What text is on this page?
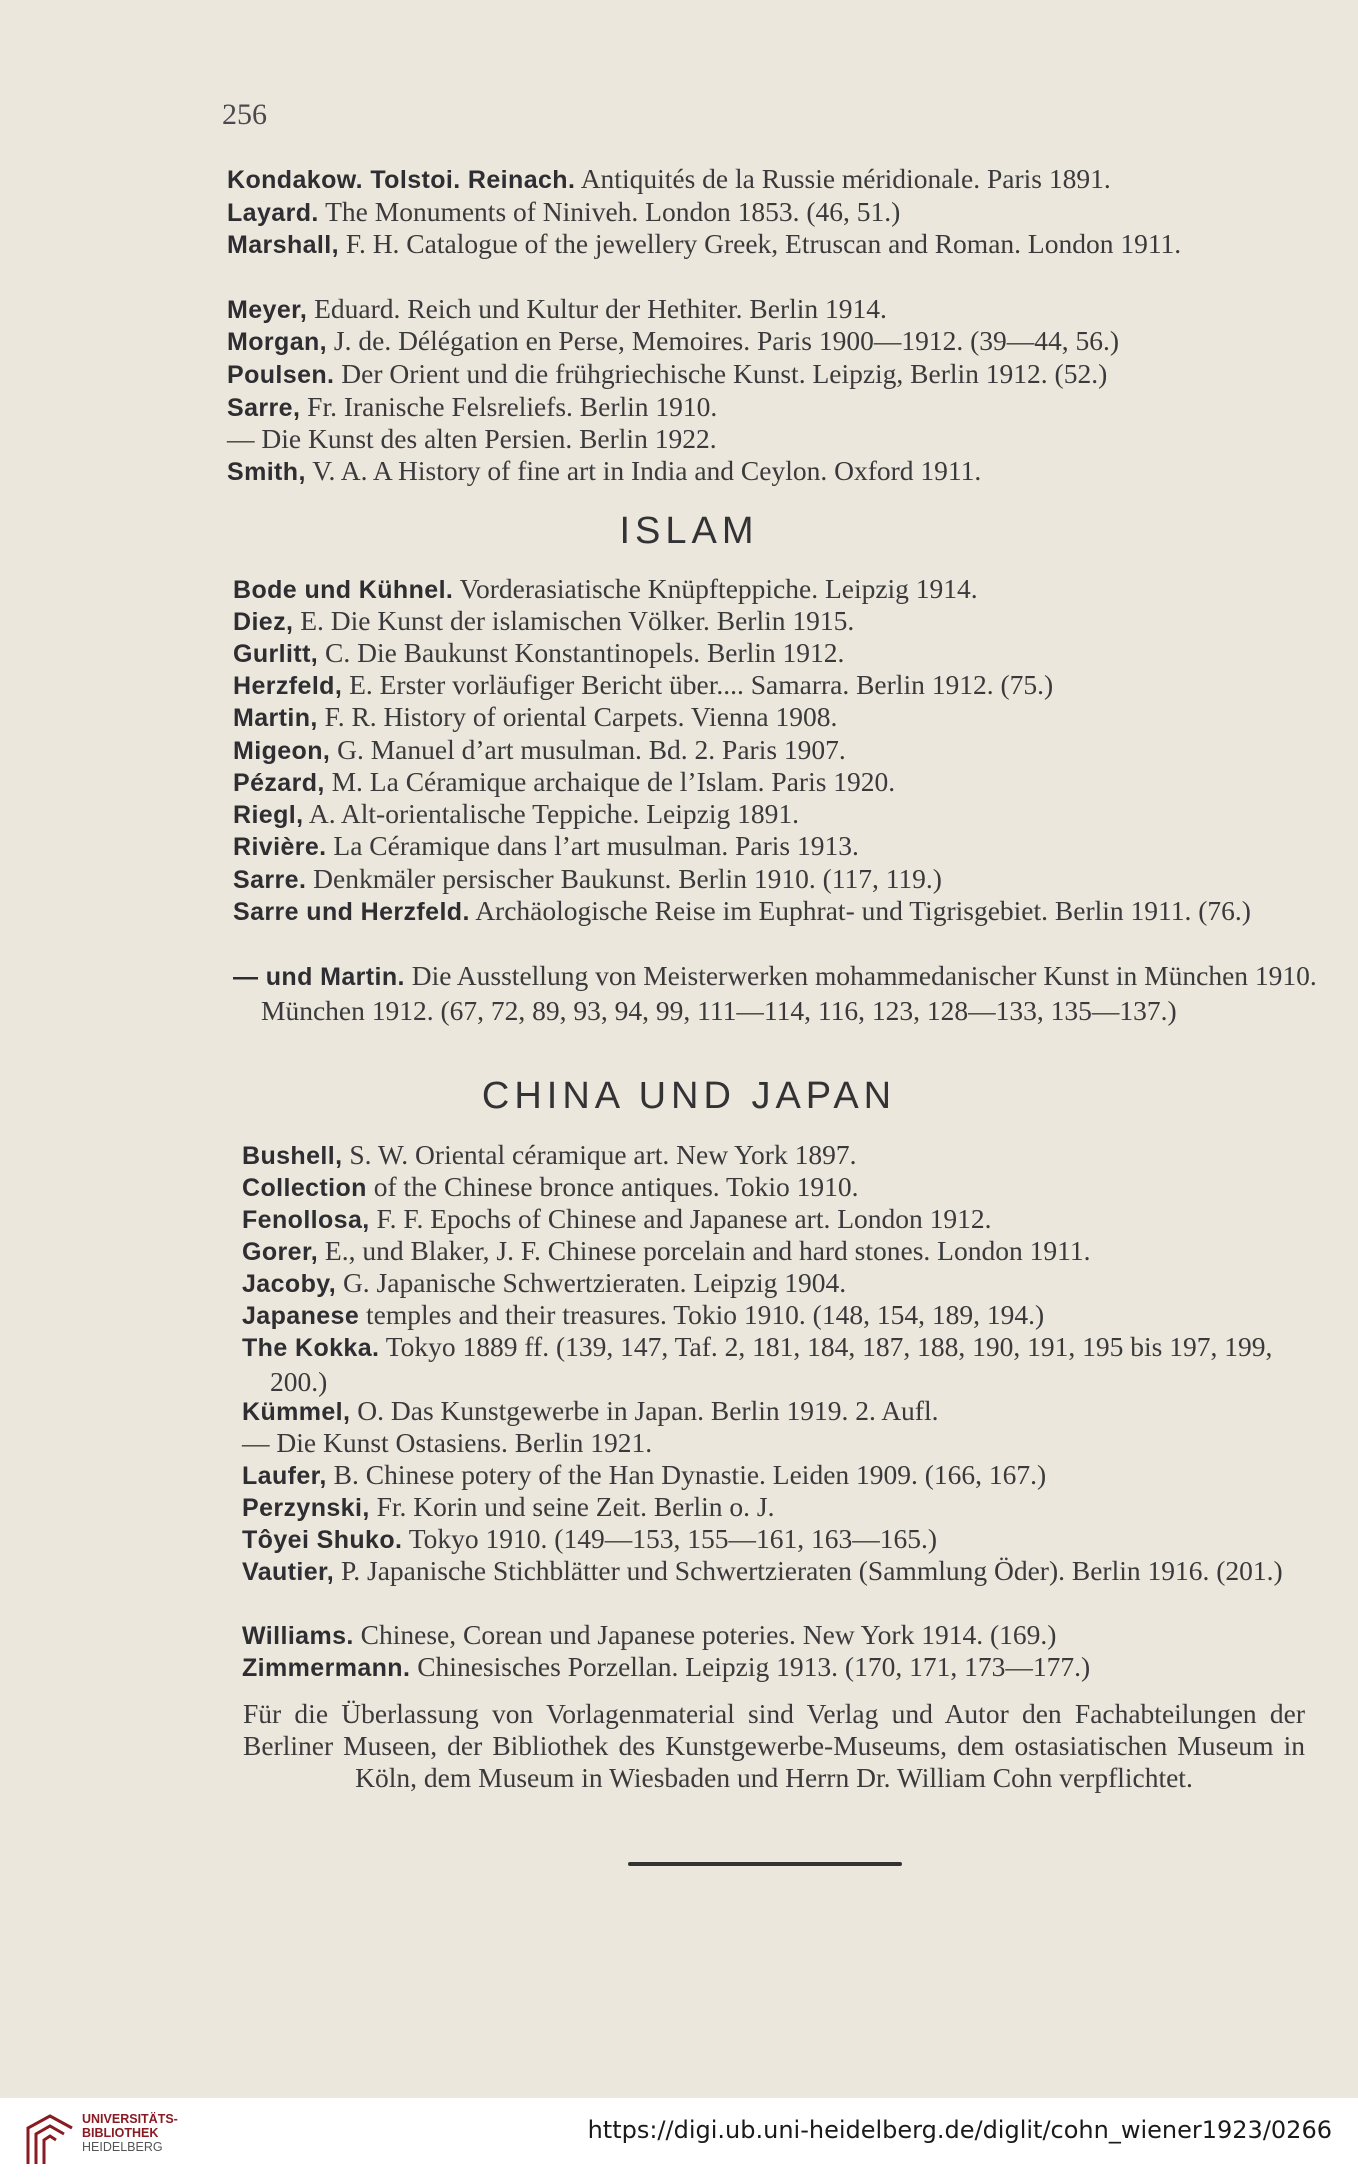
256
Kondakow. Tolstoi. Reinach. Antiquités de la Russie méridionale. Paris 1891.
Layard. The Monuments of Niniveh. London 1853. (46, 51.)
Marshall, F. H. Catalogue of the jewellery Greek, Etruscan and Roman. London 1911.
Meyer, Eduard. Reich und Kultur der Hethiter. Berlin 1914.
Morgan, J. de. Délégation en Perse, Memoires. Paris 1900—1912. (39—44, 56.)
Poulsen. Der Orient und die frühgriechische Kunst. Leipzig, Berlin 1912. (52.)
Sarre, Fr. Iranische Felsreliefs. Berlin 1910.
— Die Kunst des alten Persien. Berlin 1922.
Smith, V. A. A History of fine art in India and Ceylon. Oxford 1911.
ISLAM
Bode und Kühnel. Vorderasiatische Knüpfteppiche. Leipzig 1914.
Diez, E. Die Kunst der islamischen Völker. Berlin 1915.
Gurlitt, C. Die Baukunst Konstantinopels. Berlin 1912.
Herzfeld, E. Erster vorläufiger Bericht über.... Samarra. Berlin 1912. (75.)
Martin, F. R. History of oriental Carpets. Vienna 1908.
Migeon, G. Manuel d’art musulman. Bd. 2. Paris 1907.
Pézard, M. La Céramique archaique de l’Islam. Paris 1920.
Riegl, A. Alt-orientalische Teppiche. Leipzig 1891.
Rivière. La Céramique dans l’art musulman. Paris 1913.
Sarre. Denkmäler persischer Baukunst. Berlin 1910. (117, 119.)
Sarre und Herzfeld. Archäologische Reise im Euphrat- und Tigrisgebiet. Berlin 1911. (76.)
— und Martin. Die Ausstellung von Meisterwerken mohammedanischer Kunst in München 1910. München 1912. (67, 72, 89, 93, 94, 99, 111—114, 116, 123, 128—133, 135—137.)
CHINA UND JAPAN
Bushell, S. W. Oriental céramique art. New York 1897.
Collection of the Chinese bronce antiques. Tokio 1910.
Fenollosa, F. F. Epochs of Chinese and Japanese art. London 1912.
Gorer, E., und Blaker, J. F. Chinese porcelain and hard stones. London 1911.
Jacoby, G. Japanische Schwertzieraten. Leipzig 1904.
Japanese temples and their treasures. Tokio 1910. (148, 154, 189, 194.)
The Kokka. Tokyo 1889 ff. (139, 147, Taf. 2, 181, 184, 187, 188, 190, 191, 195 bis 197, 199, 200.)
Kümmel, O. Das Kunstgewerbe in Japan. Berlin 1919. 2. Aufl.
— Die Kunst Ostasiens. Berlin 1921.
Laufer, B. Chinese potery of the Han Dynastie. Leiden 1909. (166, 167.)
Perzynski, Fr. Korin und seine Zeit. Berlin o. J.
Tôyei Shuko. Tokyo 1910. (149—153, 155—161, 163—165.)
Vautier, P. Japanische Stichblätter und Schwertzieraten (Sammlung Öder). Berlin 1916. (201.)
Williams. Chinese, Corean und Japanese poteries. New York 1914. (169.)
Zimmermann. Chinesisches Porzellan. Leipzig 1913. (170, 171, 173—177.)
Für die Überlassung von Vorlagenmaterial sind Verlag und Autor den Fachabteilungen der Berliner Museen, der Bibliothek des Kunstgewerbe-Museums, dem ostasiatischen Museum in Köln, dem Museum in Wiesbaden und Herrn Dr. William Cohn verpflichtet.
UNIVERSITÄTS-
BIBLIOTHEK
HEIDELBERG
https://digi.ub.uni-heidelberg.de/diglit/cohn_wiener1923/0266
